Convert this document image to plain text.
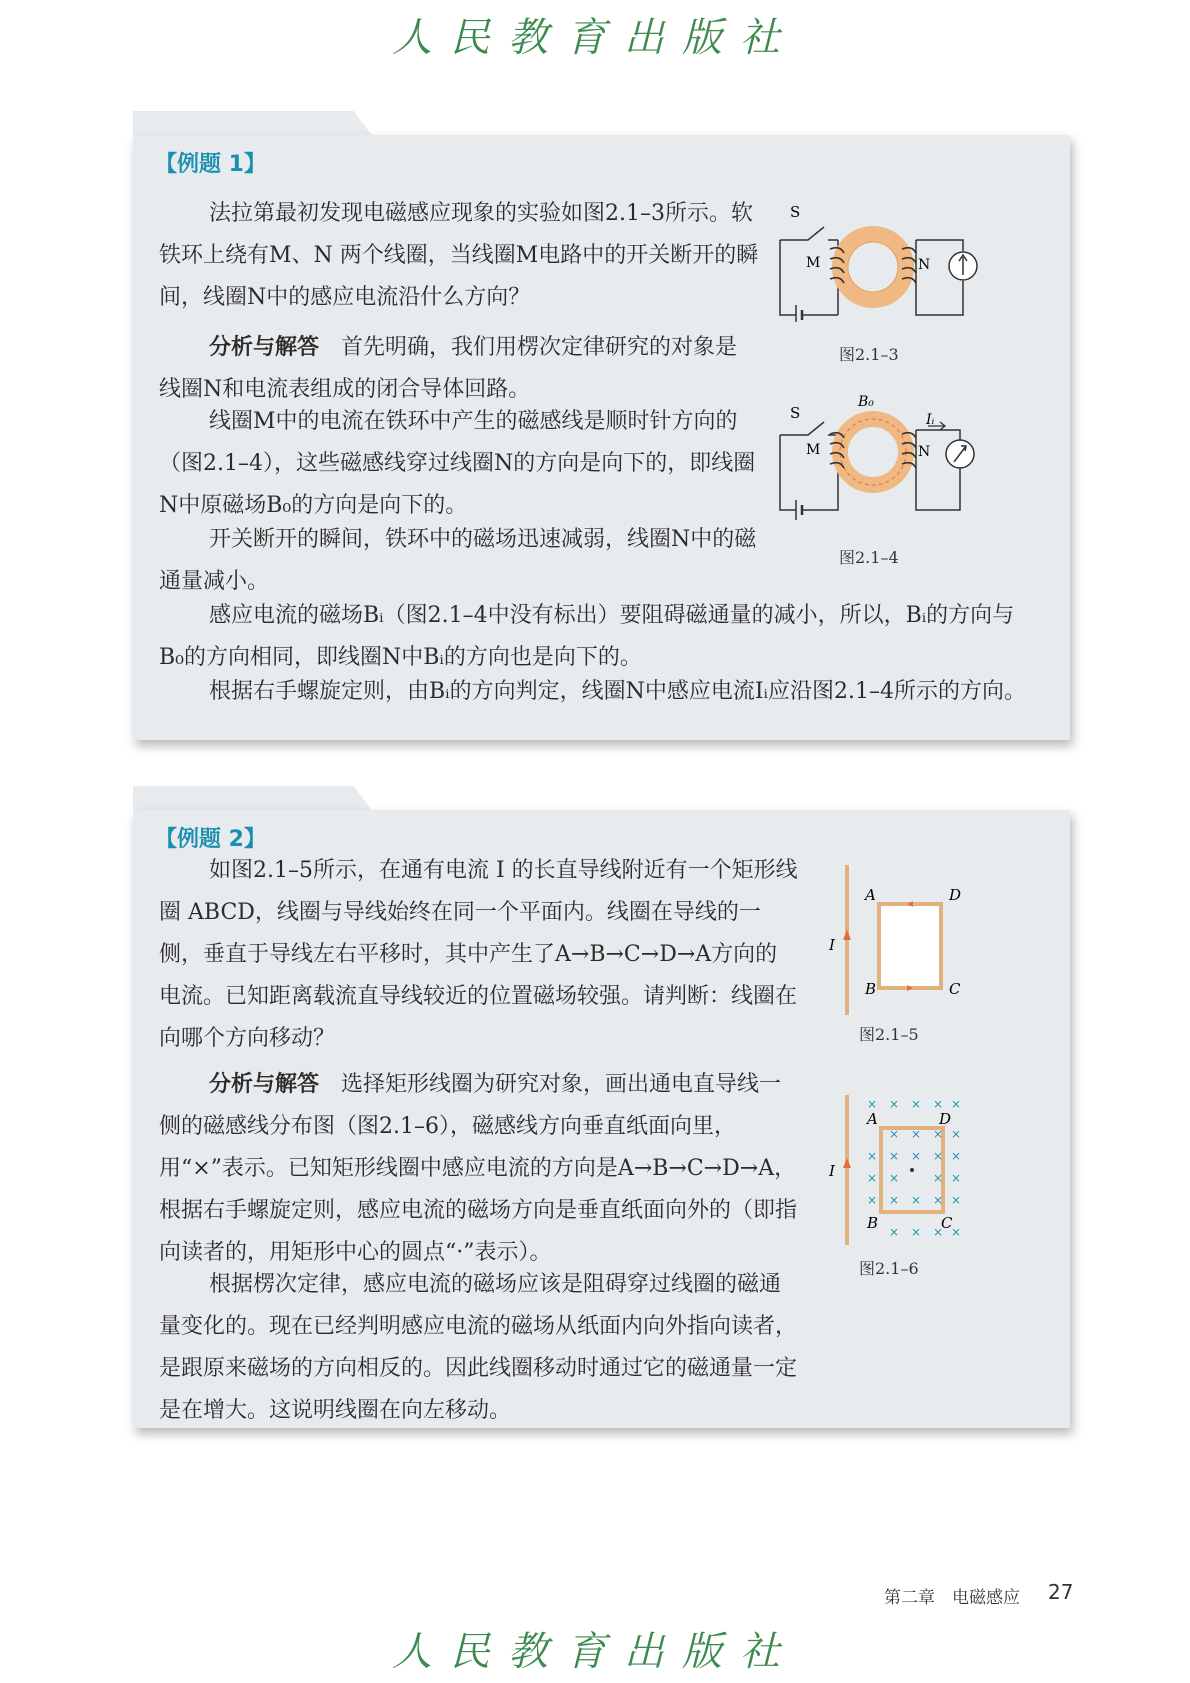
人民教育出版社
【例题 1】

法拉第最初发现电磁感应现象的实验如图2.1–3所示。软铁环上绕有M、N 两个线圈，当线圈M电路中的开关断开的瞬间，线圈N中的感应电流沿什么方向？

分析与解答　 首先明确，我们用楞次定律研究的对象是线圈N和电流表组成的闭合导体回路。

线圈M中的电流在铁环中产生的磁感线是顺时针方向的（图2.1–4），这些磁感线穿过线圈N的方向是向下的，即线圈N中原磁场B₀的方向是向下的。

开关断开的瞬间，铁环中的磁场迅速减弱，线圈N中的磁通量减小。

感应电流的磁场Bᵢ（图2.1–4中没有标出）要阻碍磁通量的减小，所以，Bᵢ的方向与B₀的方向相同，即线圈N中Bᵢ的方向也是向下的。

根据右手螺旋定则，由Bᵢ的方向判定，线圈N中感应电流Iᵢ应沿图2.1–4所示的方向。

S
M	N
图2.1–3
S
B₀
Iᵢ
M	N
图2.1–4
【例题 2】

如图2.1–5所示，在通有电流 I 的长直导线附近有一个矩形线圈 ABCD，线圈与导线始终在同一个平面内。线圈在导线的一侧，垂直于导线左右平移时，其中产生了A→B→C→D→A方向的电流。已知距离载流直导线较近的位置磁场较强。请判断：线圈在向哪个方向移动？

分析与解答　 选择矩形线圈为研究对象，画出通电直导线一侧的磁感线分布图（图2.1–6），磁感线方向垂直纸面向里，用“×”表示。已知矩形线圈中感应电流的方向是A→B→C→D→A，根据右手螺旋定则，感应电流的磁场方向是垂直纸面向外的（即指向读者的，用矩形中心的圆点“·”表示）。

根据楞次定律，感应电流的磁场应该是阻碍穿过线圈的磁通量变化的。现在已经判明感应电流的磁场从纸面内向外指向读者，是跟原来磁场的方向相反的。因此线圈移动时通过它的磁通量一定是在增大。这说明线圈在向左移动。

I
A	D
B	C
图2.1–5
I
× × × × ×
× × × ×
× × × × ×
× ×	× ×
× × × × ×
× × × ×
A	D
B	C
图2.1–6
第二章　电磁感应 27
人民教育出版社
